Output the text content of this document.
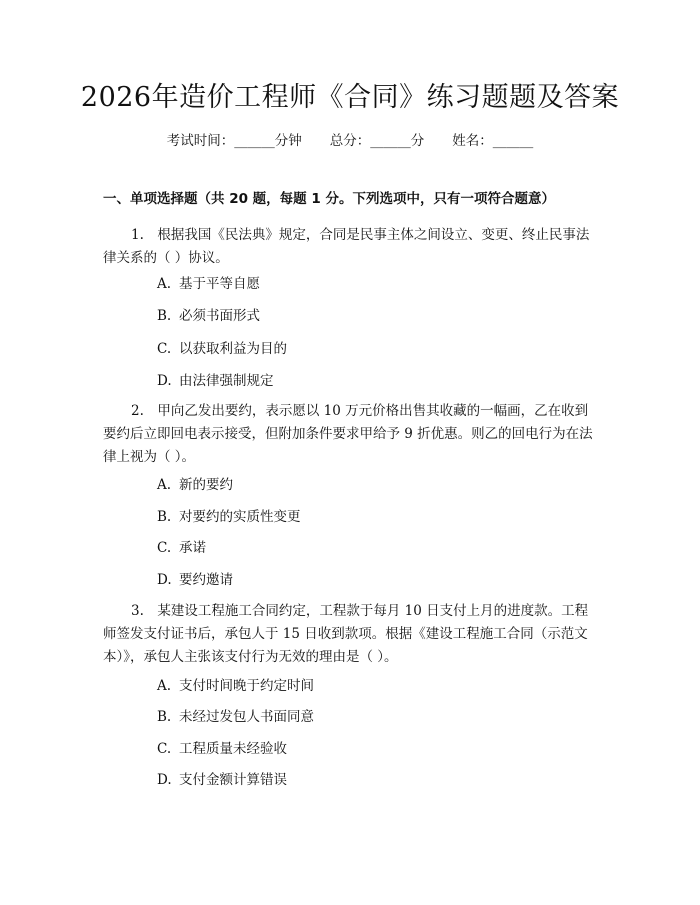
2026年造价工程师《合同》练习题题及答案
考试时间：______分钟 总分：______分 姓名：______
一、单项选择题（共 20 题，每题 1 分。下列选项中，只有一项符合题意）
1.　根据我国《民法典》规定，合同是民事主体之间设立、变更、终止民事法
律关系的（ ）协议。
A. 基于平等自愿
B. 必须书面形式
C. 以获取利益为目的
D. 由法律强制规定
2.　甲向乙发出要约，表示愿以 10 万元价格出售其收藏的一幅画，乙在收到
要约后立即回电表示接受，但附加条件要求甲给予 9 折优惠。则乙的回电行为在法
律上视为（ ）。
A. 新的要约
B. 对要约的实质性变更
C. 承诺
D. 要约邀请
3.　某建设工程施工合同约定，工程款于每月 10 日支付上月的进度款。工程
师签发支付证书后，承包人于 15 日收到款项。根据《建设工程施工合同（示范文
本）》，承包人主张该支付行为无效的理由是（ ）。
A. 支付时间晚于约定时间
B. 未经过发包人书面同意
C. 工程质量未经验收
D. 支付金额计算错误
